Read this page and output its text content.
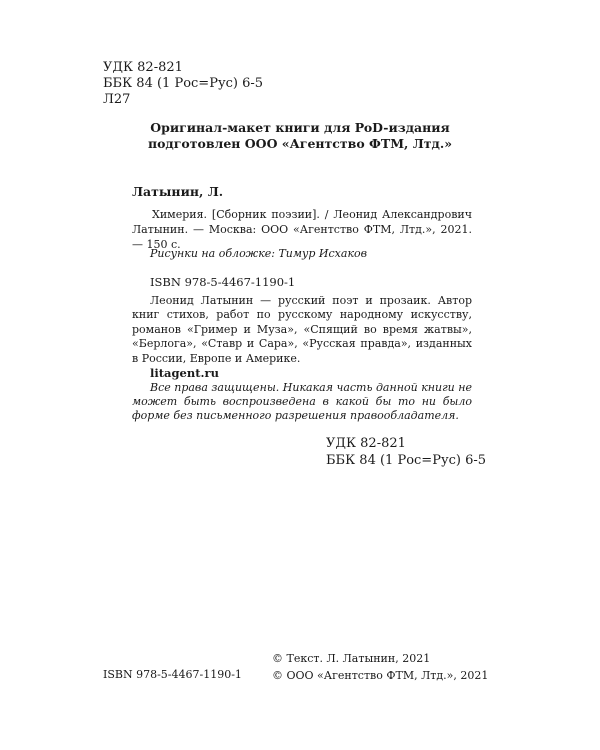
УДК 82-821
ББК 84 (1 Рос=Рус) 6-5
Л27
Оригинал-макет книги для PoD-издания
подготовлен ООО «Агентство ФТМ, Лтд.»
Латынин, Л.
Химерия. [Сборник поэзии]. / Леонид Александрович Латынин. — Москва: ООО «Агентство ФТМ, Лтд.», 2021. — 150 с.
Рисунки на обложке: Тимур Исхаков
ISBN 978-5-4467-1190-1
Леонид Латынин — русский поэт и прозаик. Автор книг стихов, работ по русскому народному искусству, романов «Гример и Муза», «Спящий во время жатвы», «Берлога», «Ставр и Сара», «Русская правда», изданных в России, Европе и Америке.
litagent.ru
Все права защищены. Никакая часть данной книги не может быть воспроизведена в какой бы то ни было форме без письменного разрешения правообладателя.
УДК 82-821
ББК 84 (1 Рос=Рус) 6-5
ISBN 978-5-4467-1190-1
© Текст. Л. Латынин, 2021
© ООО «Агентство ФТМ, Лтд.», 2021
